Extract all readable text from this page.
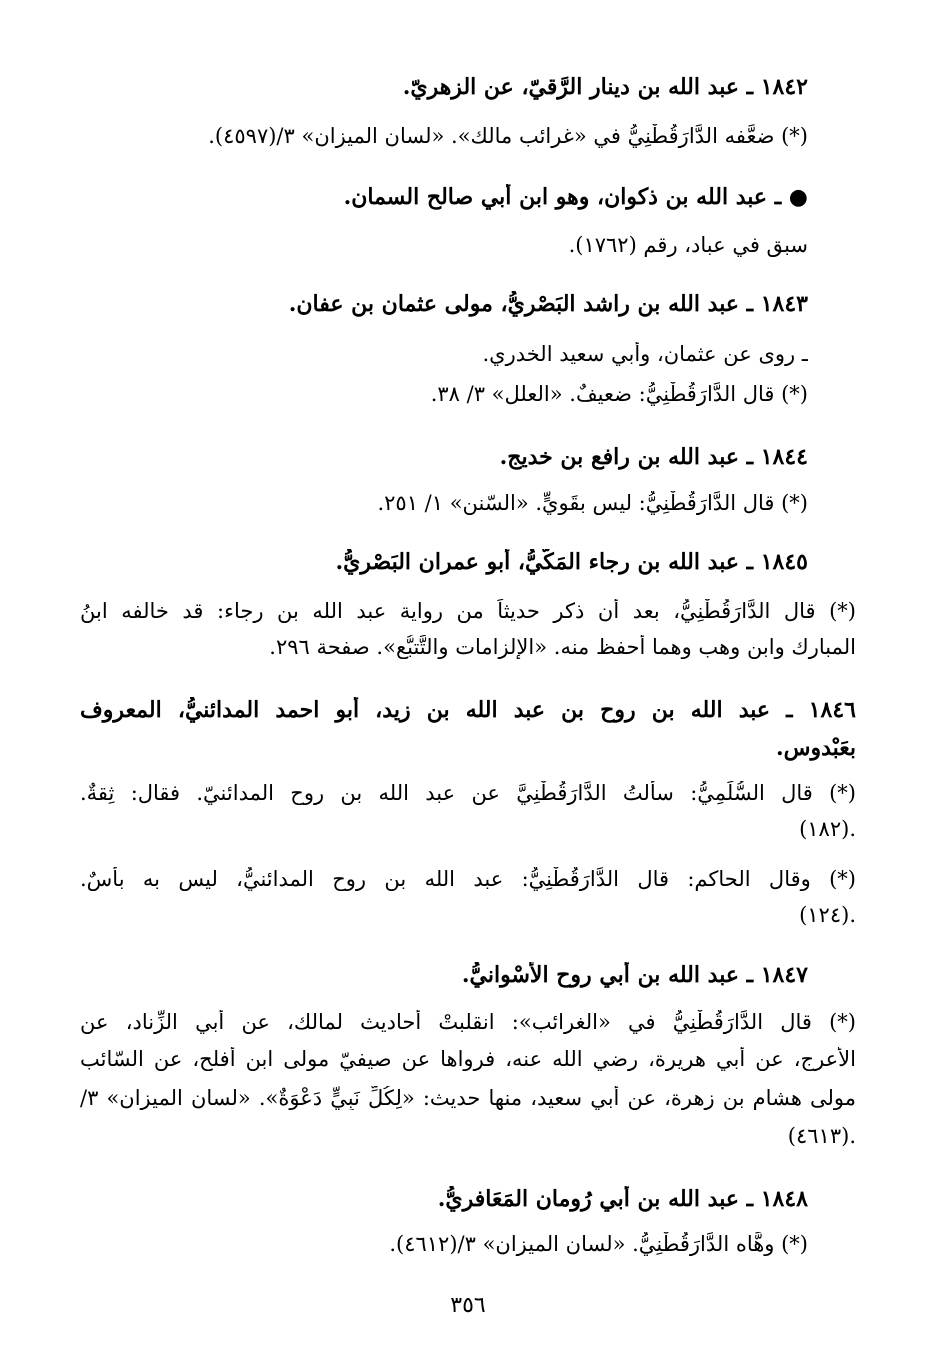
١٨٤٢ ـ عبد الله بن دينار الرَّقيّ، عن الزهريّ.
(*) ضعَّفه الدَّارَقُطْنِيُّ في «غرائب مالك». «لسان الميزان» ٣/(٤٥٩٧).
● ـ عبد الله بن ذكوان، وهو ابن أبي صالح السمان.
سبق في عباد، رقم (١٧٦٢).
١٨٤٣ ـ عبد الله بن راشد البَصْريُّ، مولى عثمان بن عفان.
ـ روى عن عثمان، وأبي سعيد الخدري.
(*) قال الدَّارَقُطْنِيُّ: ضعيفٌ. «العلل» ٣/ ٣٨.
١٨٤٤ ـ عبد الله بن رافع بن خديج.
(*) قال الدَّارَقُطْنِيُّ: ليس بقَوِيٍّ. «السّنن» ١/ ٢٥١.
١٨٤٥ ـ عبد الله بن رجاء المَكّيُّ، أبو عمران البَصْريُّ.
(*) قال الدَّارَقُطْنِيُّ، بعد أن ذكر حديثاً من رواية عبد الله بن رجاء: قد خالفه ابنُ
المبارك وابن وهب وهما أحفظ منه. «الإلزامات والتَّتبُّع». صفحة ٢٩٦.
١٨٤٦ ـ عبد الله بن روح بن عبد الله بن زيد، أبو احمد المدائنيُّ، المعروف
بعَبْدوس.
(*) قال السُّلَمِيُّ: سألتُ الدَّارَقُطْنِيَّ عن عبد الله بن روح المدائنيّ. فقال: ثِقةٌ.
(١٨٢).
(*) وقال الحاكم: قال الدَّارَقُطْنِيُّ: عبد الله بن روح المدائنيُّ، ليس به بأسٌ.
(١٢٤).
١٨٤٧ ـ عبد الله بن أبي روح الأَسْوانيُّ.
(*) قال الدَّارَقُطْنِيُّ في «الغرائب»: انقلبتْ أحاديث لمالك، عن أبي الزِّناد، عن
الأعرج، عن أبي هريرة، رضي الله عنه، فرواها عن صيفيّ مولى ابن أفلح، عن السّائب
مولى هشام بن زهرة، عن أبي سعيد، منها حديث: «لِكُلِّ نَبِيٍّ دَعْوَةٌ». «لسان الميزان» ٣/
(٤٦١٣).
١٨٤٨ ـ عبد الله بن أبي رُومان المَعَافريُّ.
(*) وهَّاه الدَّارَقُطْنِيُّ. «لسان الميزان» ٣/(٤٦١٢).
٣٥٦
